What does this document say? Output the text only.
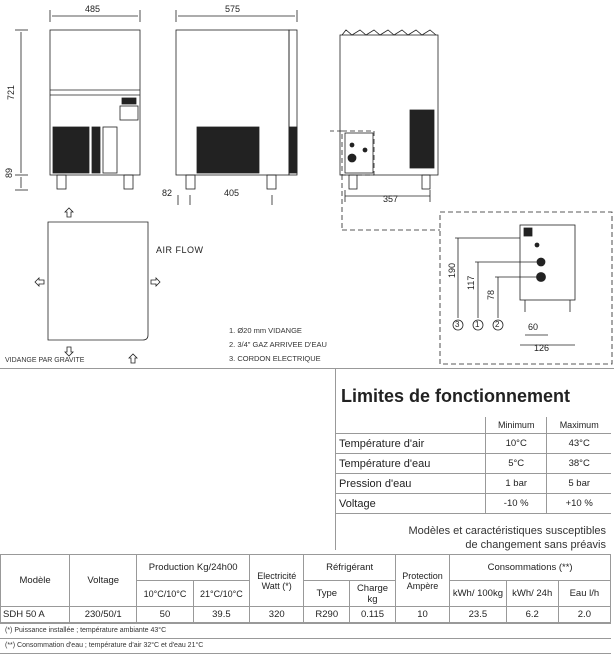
485
721
89
575
82	405
357
190
117
78
60
126
3 1 2
AIR FLOW
VIDANGE PAR GRAVITE
1. Ø20 mm VIDANGE
2. 3/4" GAZ ARRIVEE D'EAU
3. CORDON ELECTRIQUE
Limites de fonctionnement
	Minimum	Maximum
Température d'air	10°C	43°C
Température d'eau	5°C	38°C
Pression d'eau	1 bar	5 bar
Voltage	-10 %	+10 %
Modèles et caractéristiques susceptibles
de changement sans préavis
Modèle	Voltage	Production Kg/24h00		Electricité Watt (*)	Réfrigérant		Protection Ampère	Consommations (**)		
		10°C/10°C	21°C/10°C		Type	Charge kg		kWh/ 100kg	kWh/ 24h	Eau l/h
SDH 50 A	230/50/1	50	39.5	320	R290	0.115	10	23.5	6.2	2.0
(*) Puissance installée ; température ambiante 43°C
(**) Consommation d'eau ; température d'air 32°C et d'eau 21°C
